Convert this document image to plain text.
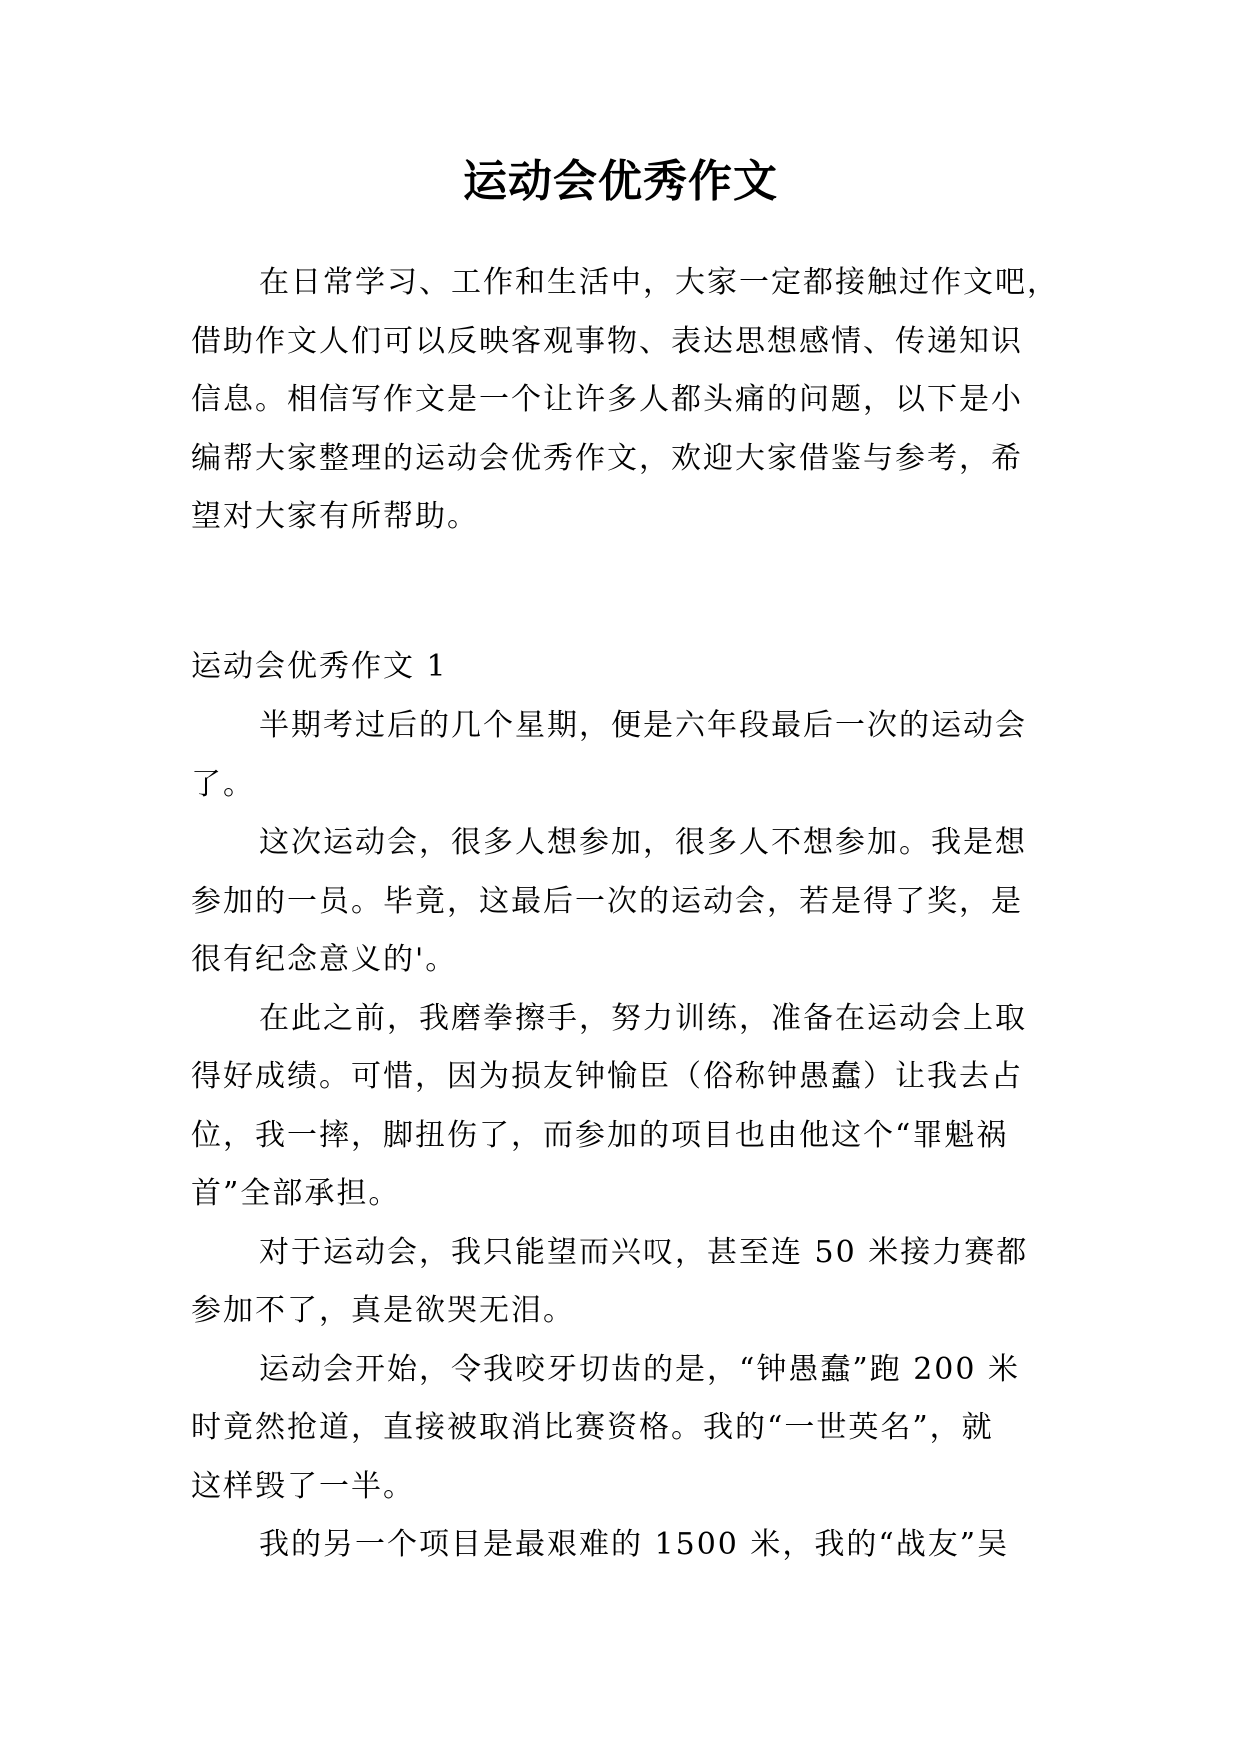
运动会优秀作文
在日常学习、工作和生活中，大家一定都接触过作文吧，
借助作文人们可以反映客观事物、表达思想感情、传递知识
信息。相信写作文是一个让许多人都头痛的问题，以下是小
编帮大家整理的运动会优秀作文，欢迎大家借鉴与参考，希
望对大家有所帮助。
运动会优秀作文 1
半期考过后的几个星期，便是六年段最后一次的运动会
了。
这次运动会，很多人想参加，很多人不想参加。我是想
参加的一员。毕竟，这最后一次的运动会，若是得了奖，是
很有纪念意义的'。
在此之前，我磨拳擦手，努力训练，准备在运动会上取
得好成绩。可惜，因为损友钟愉臣（俗称钟愚蠢）让我去占
位，我一摔，脚扭伤了，而参加的项目也由他这个“罪魁祸
首”全部承担。
对于运动会，我只能望而兴叹，甚至连 50 米接力赛都
参加不了，真是欲哭无泪。
运动会开始，令我咬牙切齿的是，“钟愚蠢”跑 200 米
时竟然抢道，直接被取消比赛资格。我的“一世英名”，就
这样毁了一半。
我的另一个项目是最艰难的 1500 米，我的“战友”吴
